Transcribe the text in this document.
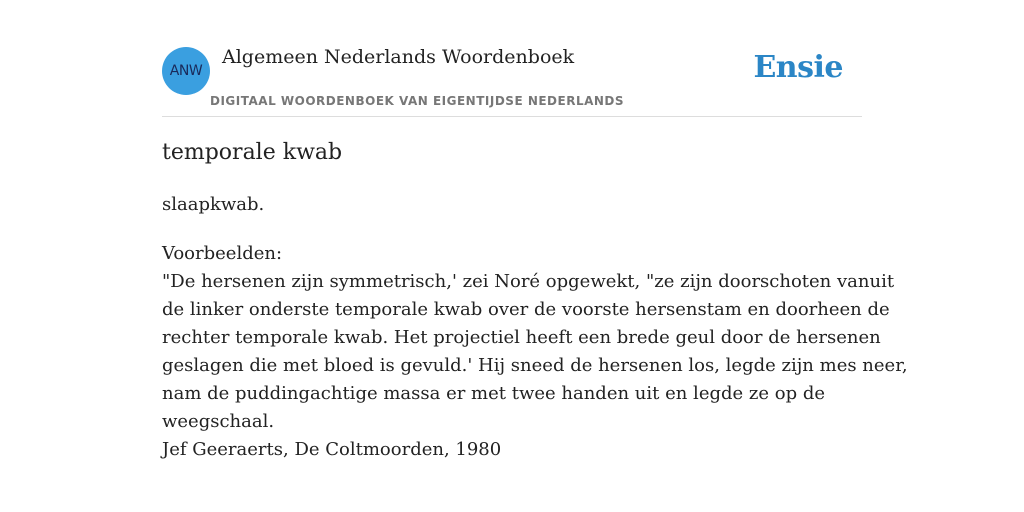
ANW
Algemeen Nederlands Woordenboek
DIGITAAL WOORDENBOEK VAN EIGENTIJDSE NEDERLANDS
Ensie
temporale kwab
slaapkwab.
Voorbeelden:
"De hersenen zijn symmetrisch,' zei Noré opgewekt, "ze zijn doorschoten vanuit
de linker onderste temporale kwab over de voorste hersenstam en doorheen de
rechter temporale kwab. Het projectiel heeft een brede geul door de hersenen
geslagen die met bloed is gevuld.' Hij sneed de hersenen los, legde zijn mes neer,
nam de puddingachtige massa er met twee handen uit en legde ze op de
weegschaal.
Jef Geeraerts, De Coltmoorden, 1980
